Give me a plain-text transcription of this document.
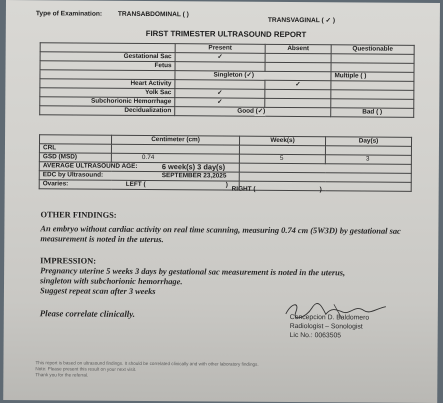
Type of Examination: TRANSABDOMINAL ( )
TRANSVAGINAL ( ✓ )
FIRST TRIMESTER ULTRASOUND REPORT
	Present	Absent	Questionable
Gestational Sac	✓		
Fetus			
	Singleton (✓)		Multiple ( )
Heart Activity		✓	
Yolk Sac	✓		
Subchorionic Hemorrhage	✓		
Decidualization	Good (✓)		Bad ( )
	Centimeter (cm)	Week(s)	Day(s)
CRL			
GSD (MSD)	0.74	5	3
AVERAGE ULTRASOUND AGE: 6 week(s) 3 day(s)			

EDC by Ultrasound: SEPTEMBER 23,2025			

Ovaries: LEFT ( )		RIGHT ( )	
OTHER FINDINGS:
An embryo without cardiac activity on real time scanning, measuring 0.74 cm (5W3D) by gestational sac measurement is noted in the uterus.
IMPRESSION:
Pregnancy uterine 5 weeks 3 days by gestational sac measurement is noted in the uterus,
singleton with subchorionic hemorrhage.
Suggest repeat scan after 3 weeks
Please correlate clinically.	Concepcion D. Baldomero
Radiologist – Sonologist
Lic No.: 0063505
This report is based on ultrasound findings. It should be correlated clinically and with other laboratory findings.
Note: Please present this result on your next visit.
Thank you for the referral.
